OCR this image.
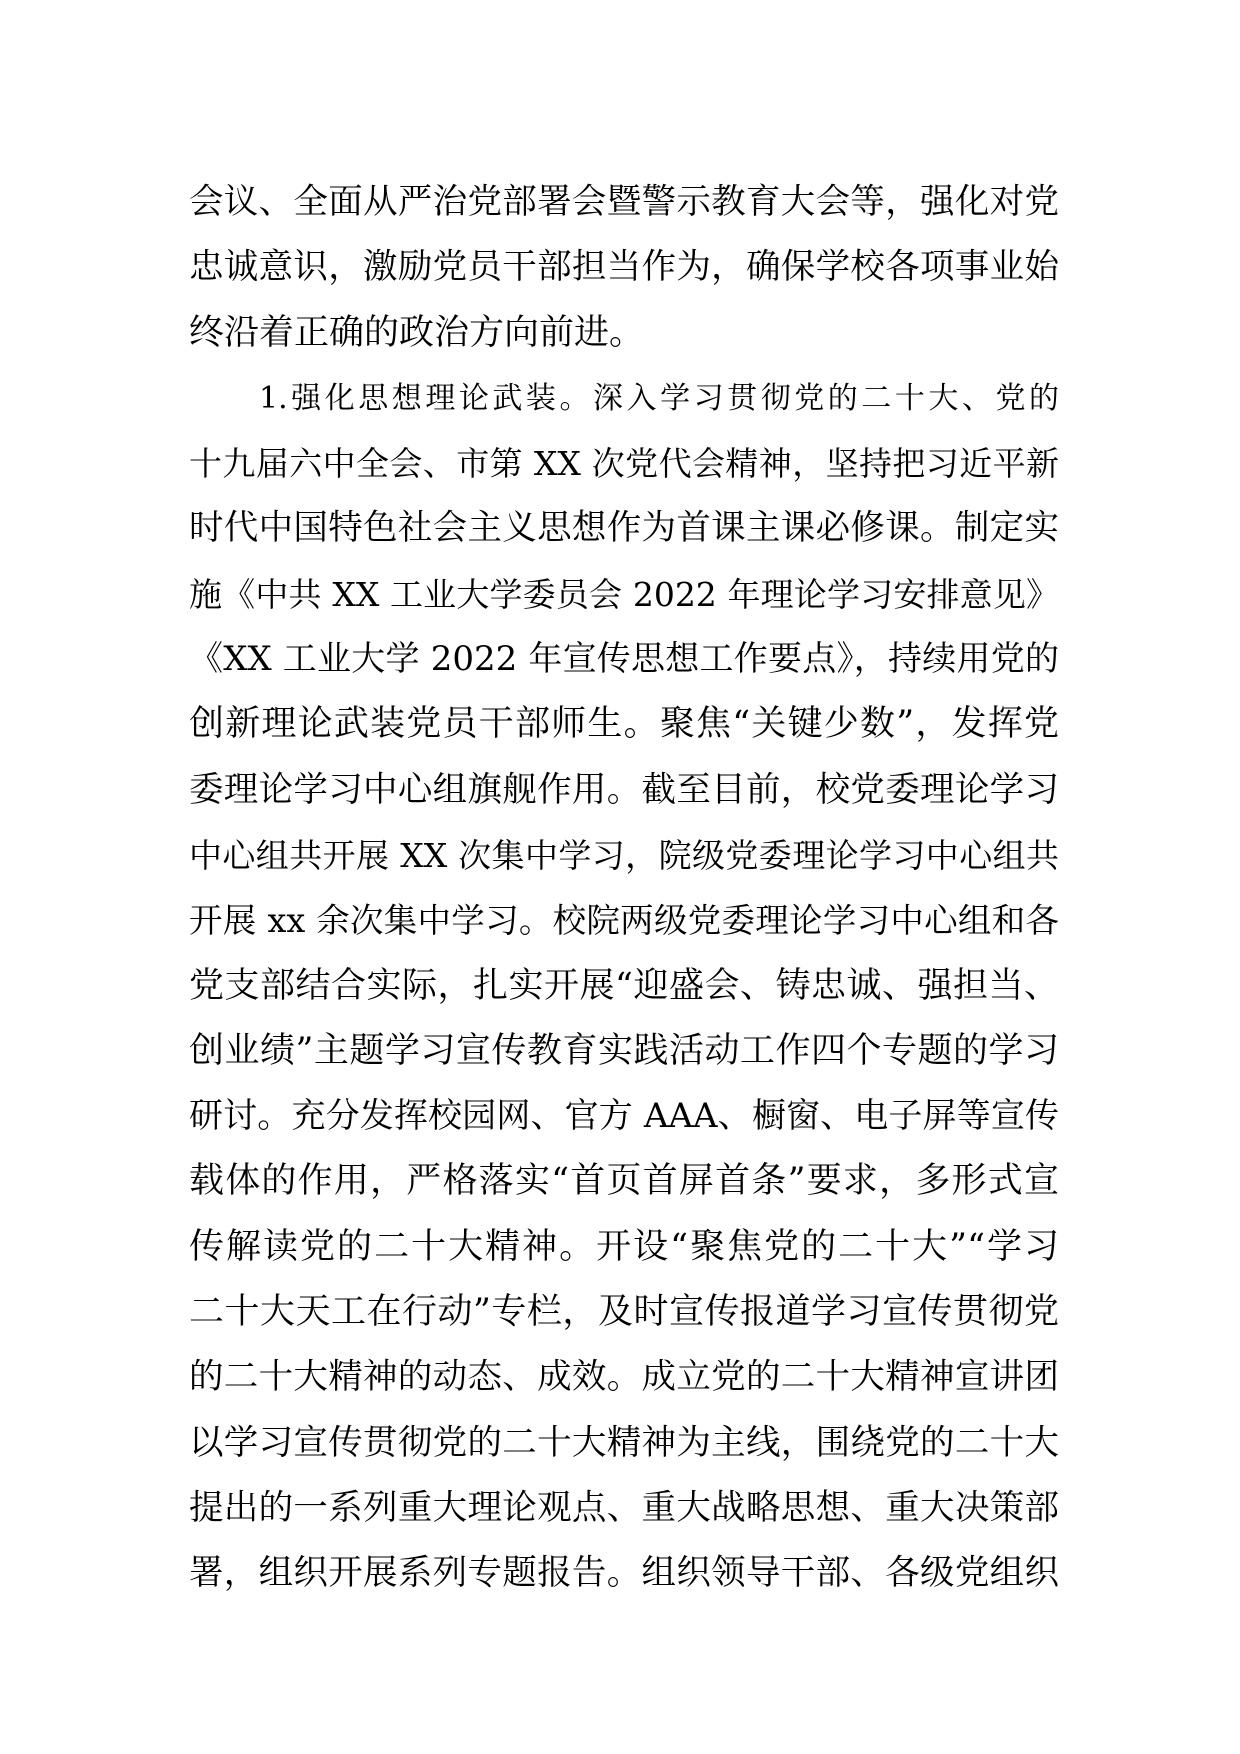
会议、全面从严治党部署会暨警示教育大会等，强化对党
忠诚意识，激励党员干部担当作为，确保学校各项事业始
终沿着正确的政治方向前进。
1.强化思想理论武装。深入学习贯彻党的二十大、党的
十九届六中全会、市第 XX 次党代会精神，坚持把习近平新
时代中国特色社会主义思想作为首课主课必修课。制定实
施《中共 XX 工业大学委员会 2022 年理论学习安排意见》
《XX 工业大学 2022 年宣传思想工作要点》，持续用党的
创新理论武装党员干部师生。聚焦“关键少数”，发挥党
委理论学习中心组旗舰作用。截至目前，校党委理论学习
中心组共开展 XX 次集中学习，院级党委理论学习中心组共
开展 xx 余次集中学习。校院两级党委理论学习中心组和各
党支部结合实际，扎实开展“迎盛会、铸忠诚、强担当、
创业绩”主题学习宣传教育实践活动工作四个专题的学习
研讨。充分发挥校园网、官方 AAA、橱窗、电子屏等宣传
载体的作用，严格落实“首页首屏首条”要求，多形式宣
传解读党的二十大精神。开设“聚焦党的二十大”“学习
二十大天工在行动”专栏，及时宣传报道学习宣传贯彻党
的二十大精神的动态、成效。成立党的二十大精神宣讲团
以学习宣传贯彻党的二十大精神为主线，围绕党的二十大
提出的一系列重大理论观点、重大战略思想、重大决策部
署，组织开展系列专题报告。组织领导干部、各级党组织
